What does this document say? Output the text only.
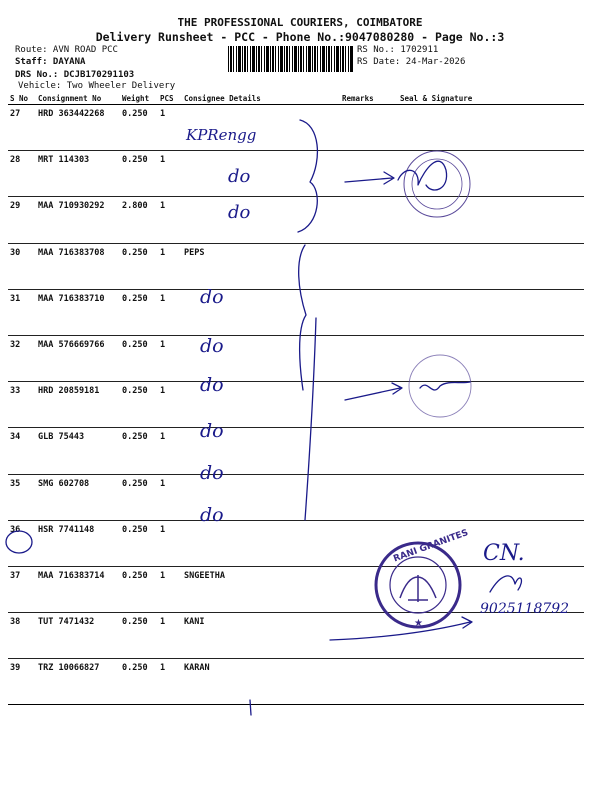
THE PROFESSIONAL COURIERS, COIMBATORE
Delivery Runsheet - PCC - Phone No.:9047080280 - Page No.:3
Route: AVN ROAD PCC
Staff: DAYANA
DRS No.: DCJB170291103
Vehicle: Two Wheeler Delivery
RS No.: 1702911
RS Date: 24-Mar-2026
S No	Consignment No	Weight	PCS	Consignee Details	Remarks	Seal & Signature
27	HRD 363442268	0.250	1			
28	MRT 114303	0.250	1			
29	MAA 710930292	2.800	1			
30	MAA 716383708	0.250	1	PEPS		
31	MAA 716383710	0.250	1			
32	MAA 576669766	0.250	1			
33	HRD 20859181	0.250	1			
34	GLB 75443	0.250	1			
35	SMG 602708	0.250	1			
36	HSR 7741148	0.250	1			
37	MAA 716383714	0.250	1	SNGEETHA		
38	TUT 7471432	0.250	1	KANI		
39	TRZ 10066827	0.250	1	KARAN		
KPRengg
do
do
do
do
do
do
do
do
RANI GRANITES
★
CN.
9025118792
